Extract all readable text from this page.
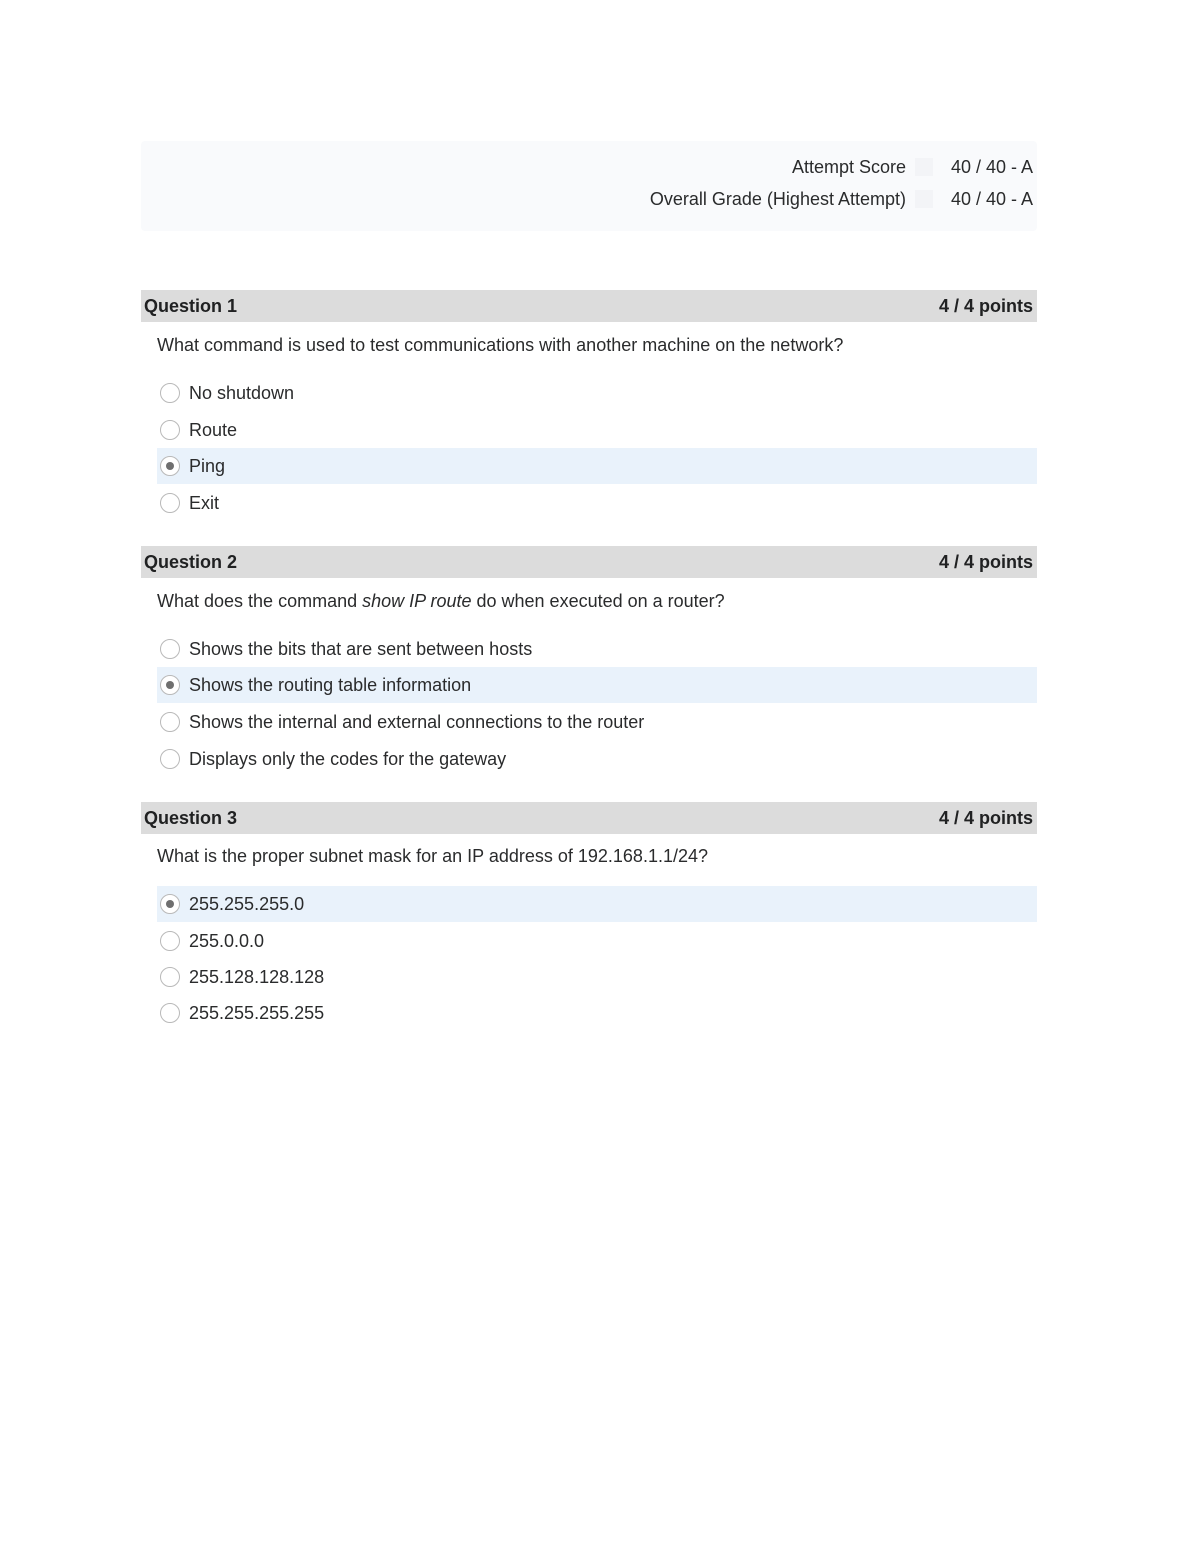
Attempt Score 40 / 40 - A
Overall Grade (Highest Attempt) 40 / 40 - A
Question 1	4 / 4 points
What command is used to test communications with another machine on the network?
No shutdown
Route
Ping
Exit
Question 2	4 / 4 points
What does the command show IP route do when executed on a router?
Shows the bits that are sent between hosts
Shows the routing table information
Shows the internal and external connections to the router
Displays only the codes for the gateway
Question 3	4 / 4 points
What is the proper subnet mask for an IP address of 192.168.1.1/24?
255.255.255.0
255.0.0.0
255.128.128.128
255.255.255.255
